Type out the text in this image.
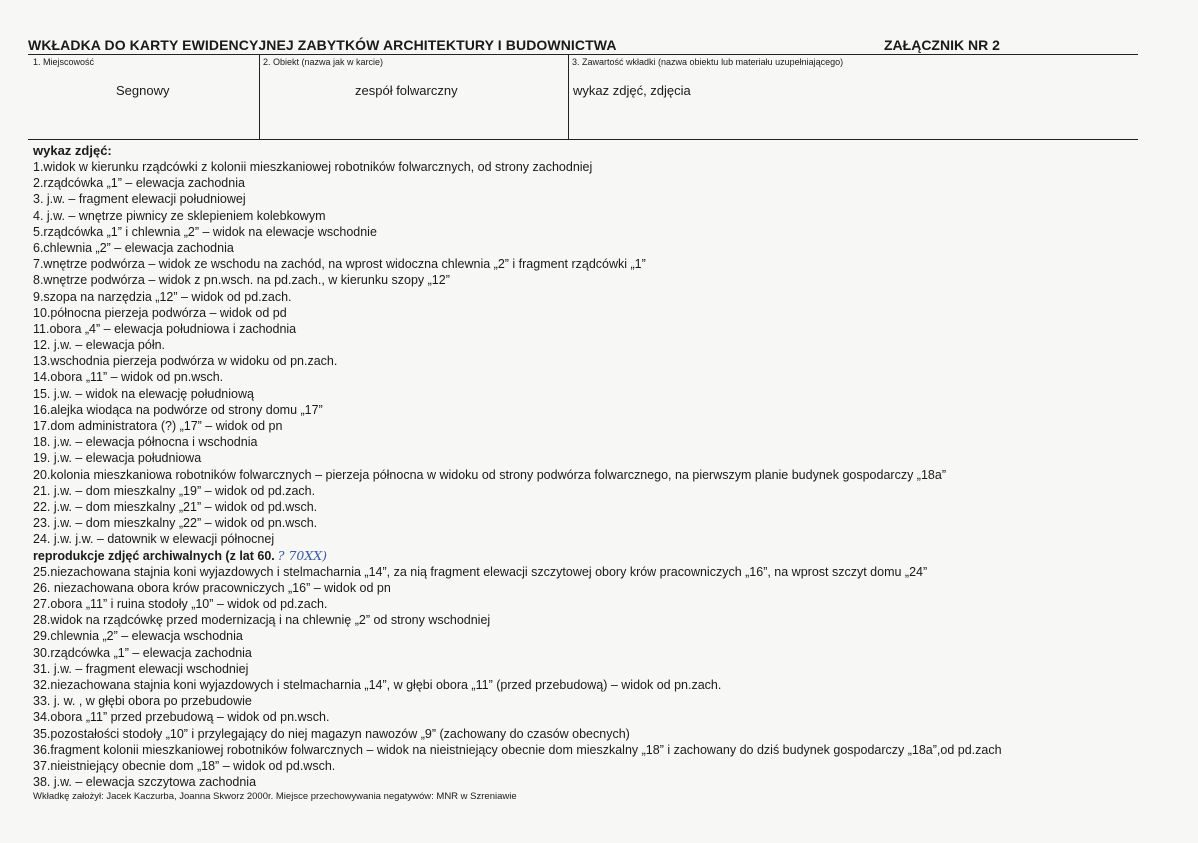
WKŁADKA DO KARTY EWIDENCYJNEJ ZABYTKÓW ARCHITEKTURY I BUDOWNICTWA	ZAŁĄCZNIK NR 2
1. Miejscowość
Segnowy
2. Obiekt (nazwa jak w karcie)
zespół folwarczny
3. Zawartość wkładki (nazwa obiektu lub materiału uzupełniającego)
wykaz zdjęć, zdjęcia
wykaz zdjęć:
1.widok w kierunku rządcówki z kolonii mieszkaniowej robotników folwarcznych, od strony zachodniej
2.rządcówka „1” – elewacja zachodnia
3. j.w. – fragment elewacji południowej
4. j.w. – wnętrze piwnicy ze sklepieniem kolebkowym
5.rządcówka „1” i chlewnia „2” – widok na elewacje wschodnie
6.chlewnia „2” – elewacja zachodnia
7.wnętrze podwórza – widok ze wschodu na zachód, na wprost widoczna chlewnia „2” i fragment rządcówki „1”
8.wnętrze podwórza – widok z pn.wsch. na pd.zach., w kierunku szopy „12”
9.szopa na narzędzia „12” – widok od pd.zach.
10.północna pierzeja podwórza – widok od pd
11.obora „4” – elewacja południowa i zachodnia
12. j.w. – elewacja półn.
13.wschodnia pierzeja podwórza w widoku od pn.zach.
14.obora „11” – widok od pn.wsch.
15. j.w. – widok na elewację południową
16.alejka wiodąca na podwórze od strony domu „17”
17.dom administratora (?) „17” – widok od pn
18. j.w. – elewacja północna i wschodnia
19. j.w. – elewacja południowa
20.kolonia mieszkaniowa robotników folwarcznych – pierzeja północna w widoku od strony podwórza folwarcznego, na pierwszym planie budynek gospodarczy „18a”
21. j.w. – dom mieszkalny „19” – widok od pd.zach.
22. j.w. – dom mieszkalny „21” – widok od pd.wsch.
23. j.w. – dom mieszkalny „22” – widok od pn.wsch.
24. j.w. j.w. – datownik w elewacji północnej
reprodukcje zdjęć archiwalnych (z lat 60. ? 70XX)
25.niezachowana stajnia koni wyjazdowych i stelmacharnia „14”, za nią fragment elewacji szczytowej obory krów pracowniczych „16”, na wprost szczyt domu „24”
26. niezachowana obora krów pracowniczych „16” – widok od pn
27.obora „11” i ruina stodoły „10” – widok od pd.zach.
28.widok na rządcówkę przed modernizacją i na chlewnię „2” od strony wschodniej
29.chlewnia „2” – elewacja wschodnia
30.rządcówka „1” – elewacja zachodnia
31. j.w. – fragment elewacji wschodniej
32.niezachowana stajnia koni wyjazdowych i stelmacharnia „14”, w głębi obora „11” (przed przebudową) – widok od pn.zach.
33. j. w. , w głębi obora po przebudowie
34.obora „11” przed przebudową – widok od pn.wsch.
35.pozostałości stodoły „10” i przylegający do niej magazyn nawozów „9” (zachowany do czasów obecnych)
36.fragment kolonii mieszkaniowej robotników folwarcznych – widok na nieistniejący obecnie dom mieszkalny „18” i zachowany do dziś budynek gospodarczy „18a”,od pd.zach
37.nieistniejący obecnie dom „18” – widok od pd.wsch.
38. j.w. – elewacja szczytowa zachodnia
Wkładkę założył: Jacek Kaczurba, Joanna Skworz 2000r. Miejsce przechowywania negatywów: MNR w Szreniawie
